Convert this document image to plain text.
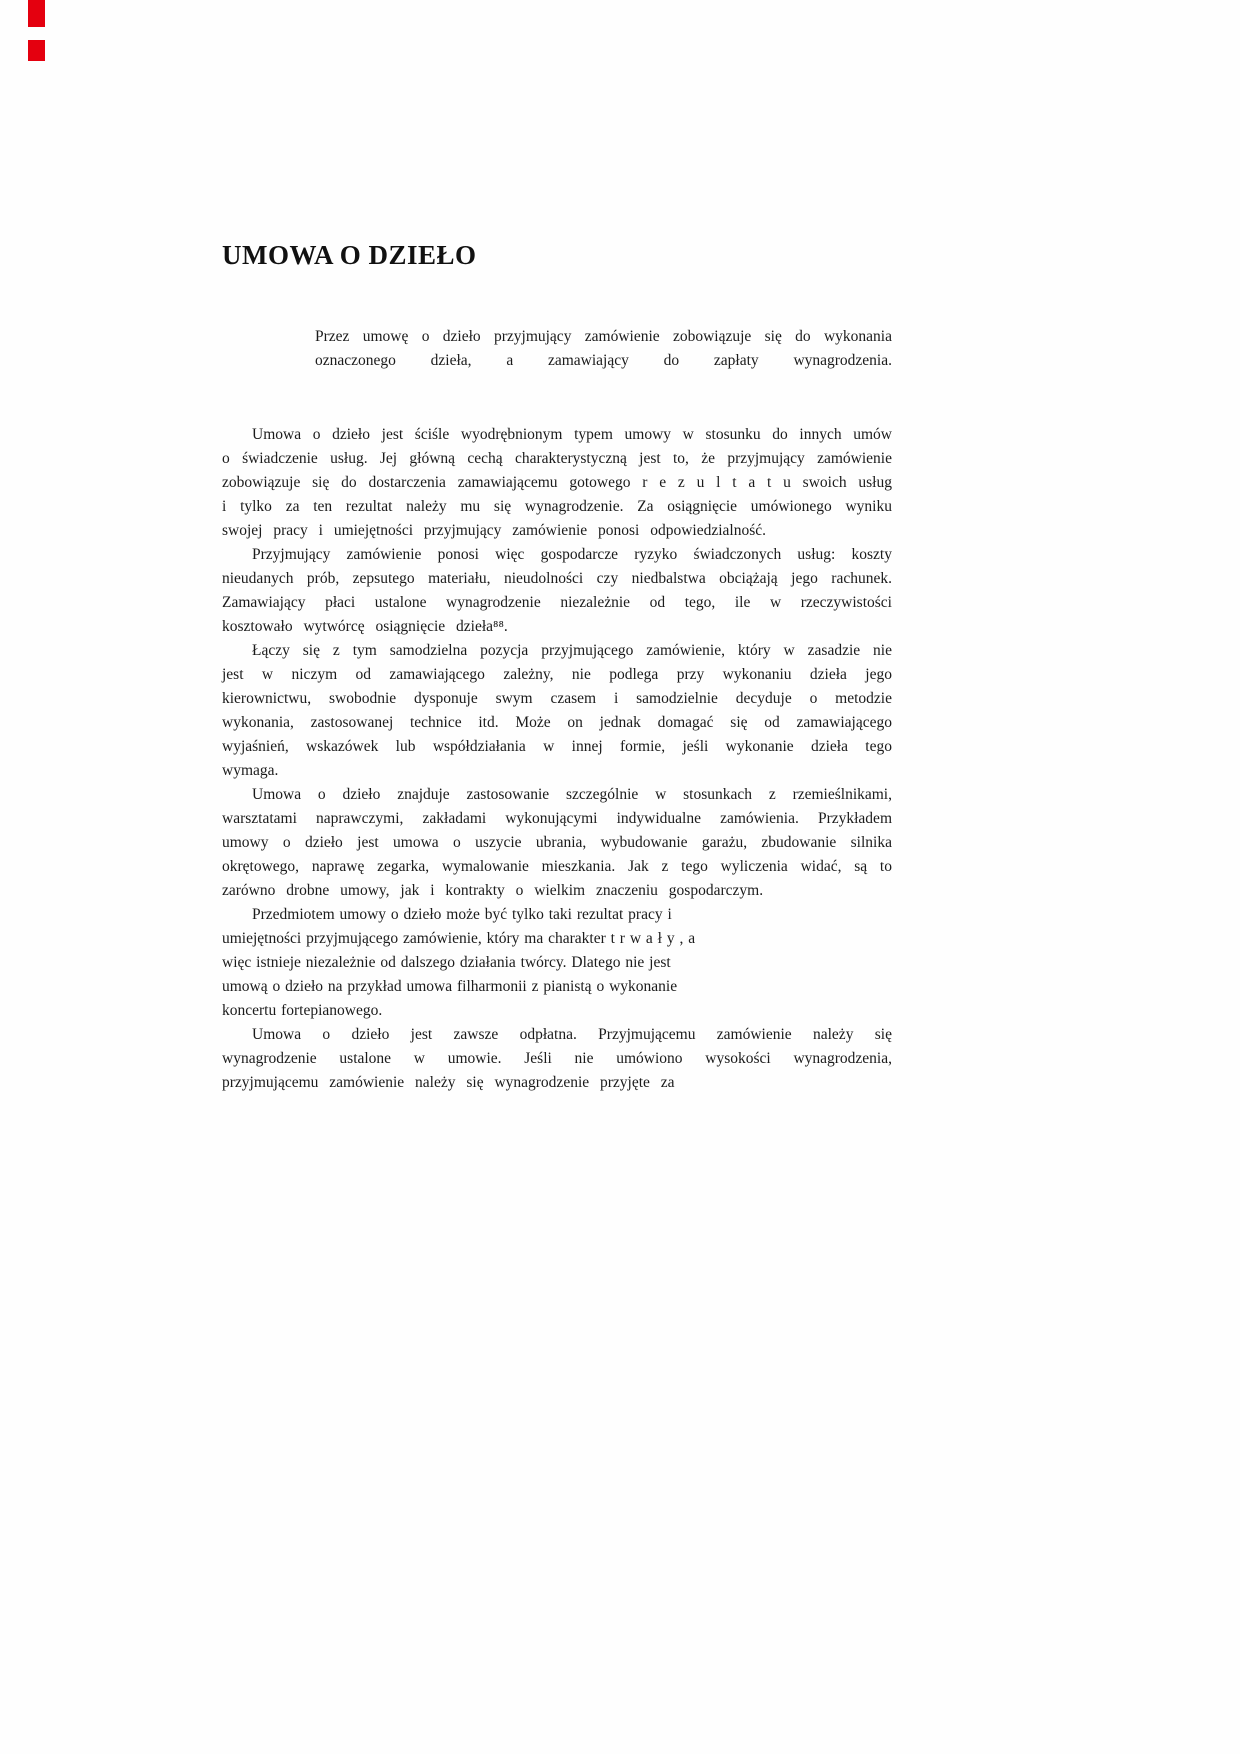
UMOWA O DZIEŁO

Przez umowę o dzieło przyjmujący zamówienie zobowiązuje się do wykonania oznaczonego dzieła, a zamawiający do zapłaty wynagrodzenia.

Umowa o dzieło jest ściśle wyodrębnionym typem umowy w stosunku do innych umów o świadczenie usług. Jej główną cechą charakterystyczną jest to, że przyjmujący zamówienie zobowiązuje się do dostarczenia zamawiającemu gotowego r e z u l t a t u swoich usług i tylko za ten rezultat należy mu się wynagrodzenie. Za osiągnięcie umówionego wyniku swojej pracy i umiejętności przyjmujący zamówienie ponosi odpowiedzialność.

Przyjmujący zamówienie ponosi więc gospodarcze ryzyko świadczonych usług: koszty nieudanych prób, zepsutego materiału, nieudolności czy niedbalstwa obciążają jego rachunek. Zamawiający płaci ustalone wynagrodzenie niezależnie od tego, ile w rzeczywistości kosztowało wytwórcę osiągnięcie dzieła⁸⁸.

Łączy się z tym samodzielna pozycja przyjmującego zamówienie, który w zasadzie nie jest w niczym od zamawiającego zależny, nie podlega przy wykonaniu dzieła jego kierownictwu, swobodnie dysponuje swym czasem i samodzielnie decyduje o metodzie wykonania, zastosowanej technice itd. Może on jednak domagać się od zamawiającego wyjaśnień, wskazówek lub współdziałania w innej formie, jeśli wykonanie dzieła tego wymaga.

Umowa o dzieło znajduje zastosowanie szczególnie w stosunkach z rzemieślnikami, warsztatami naprawczymi, zakładami wykonującymi indywidualne zamówienia. Przykładem umowy o dzieło jest umowa o uszycie ubrania, wybudowanie garażu, zbudowanie silnika okrętowego, naprawę zegarka, wymalowanie mieszkania. Jak z tego wyliczenia widać, są to zarówno drobne umowy, jak i kontrakty o wielkim znaczeniu gospodarczym.

Przedmiotem umowy o dzieło może być tylko taki rezultat pracy i umiejętności przyjmującego zamówienie, który ma charakter t r w a ł y , a więc istnieje niezależnie od dalszego działania twórcy. Dlatego nie jest umową o dzieło na przykład umowa filharmonii z pianistą o wykonanie koncertu fortepianowego.

Umowa o dzieło jest zawsze odpłatna. Przyjmującemu zamówienie należy się wynagrodzenie ustalone w umowie. Jeśli nie umówiono wysokości wynagrodzenia, przyjmującemu zamówienie należy się wynagrodzenie przyjęte za
